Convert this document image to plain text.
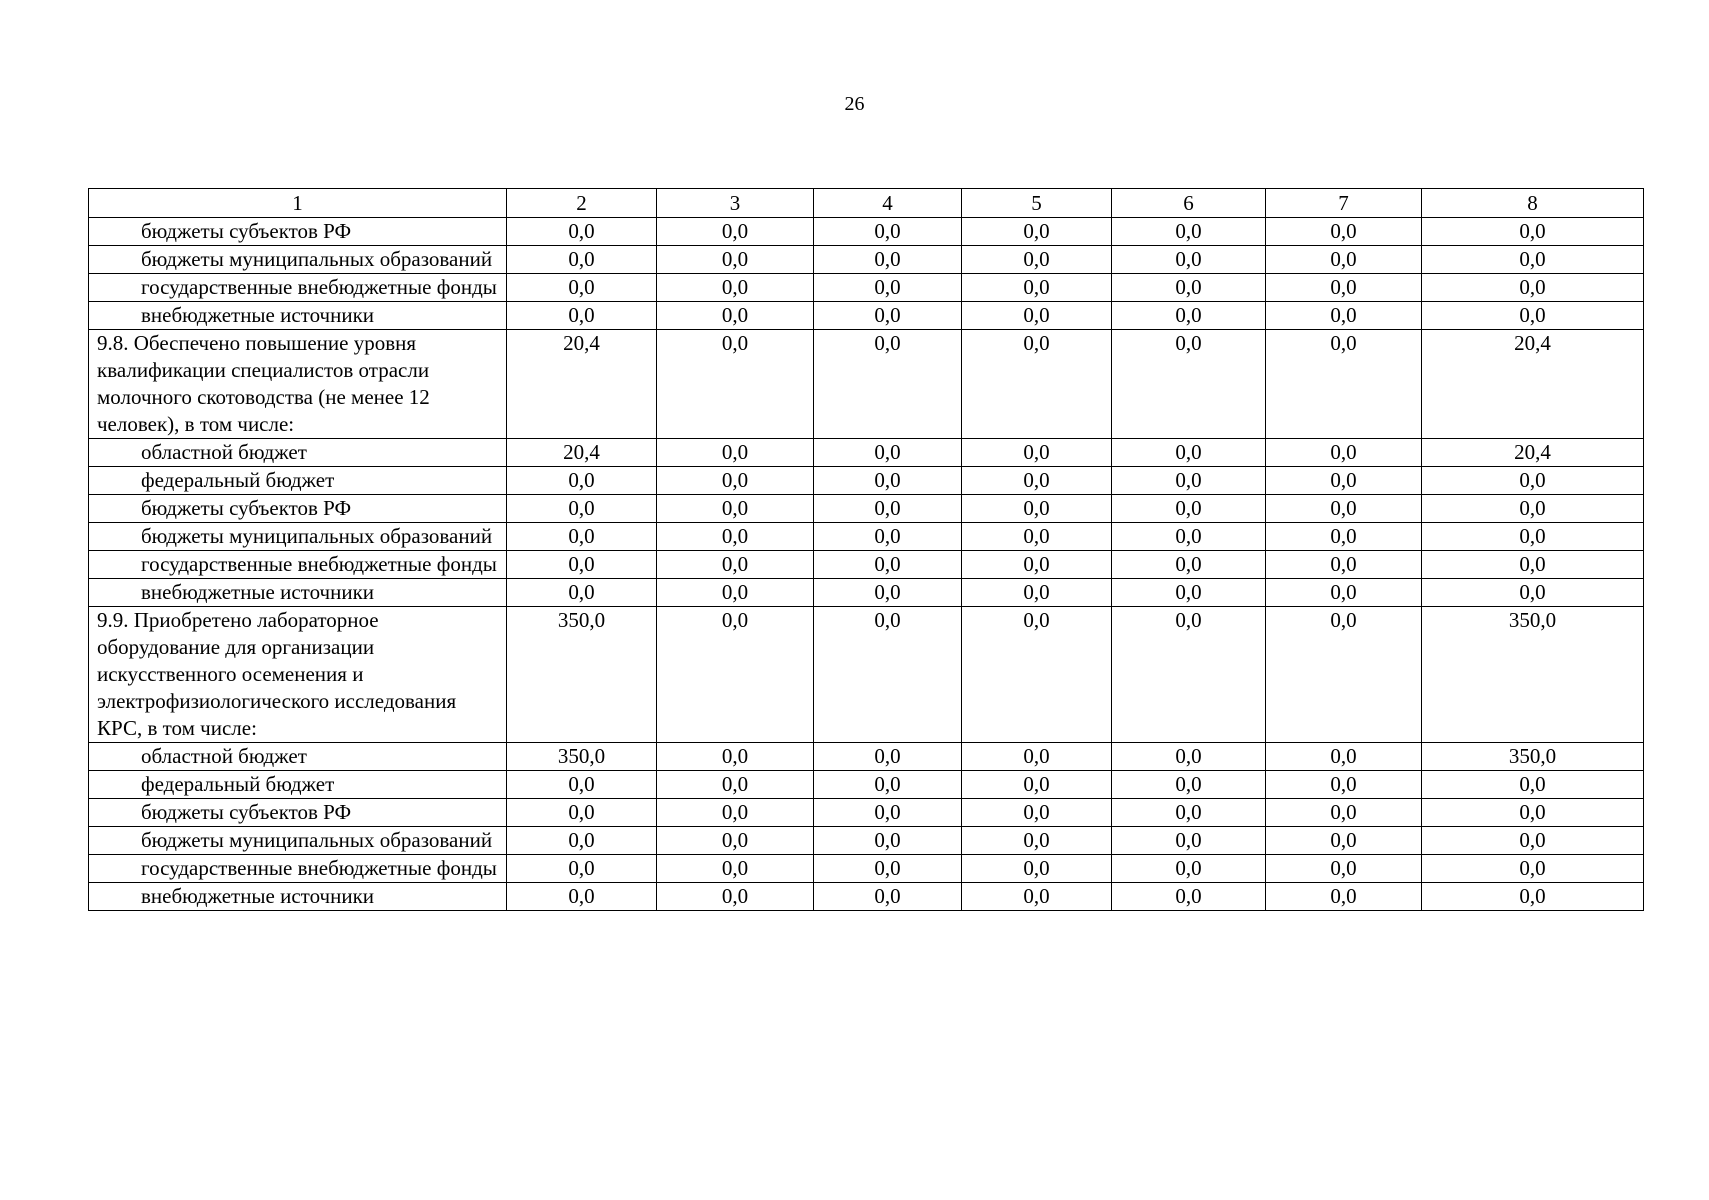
26
1	2	3	4	5	6	7	8
бюджеты субъектов РФ	0,0	0,0	0,0	0,0	0,0	0,0	0,0
бюджеты муниципальных образований	0,0	0,0	0,0	0,0	0,0	0,0	0,0
государственные внебюджетные фонды	0,0	0,0	0,0	0,0	0,0	0,0	0,0
внебюджетные источники	0,0	0,0	0,0	0,0	0,0	0,0	0,0
9.8. Обеспечено повышение уровня квалификации специалистов отрасли молочного скотоводства (не менее 12 человек), в том числе:	20,4	0,0	0,0	0,0	0,0	0,0	20,4
областной бюджет	20,4	0,0	0,0	0,0	0,0	0,0	20,4
федеральный бюджет	0,0	0,0	0,0	0,0	0,0	0,0	0,0
бюджеты субъектов РФ	0,0	0,0	0,0	0,0	0,0	0,0	0,0
бюджеты муниципальных образований	0,0	0,0	0,0	0,0	0,0	0,0	0,0
государственные внебюджетные фонды	0,0	0,0	0,0	0,0	0,0	0,0	0,0
внебюджетные источники	0,0	0,0	0,0	0,0	0,0	0,0	0,0
9.9. Приобретено лабораторное оборудование для организации искусственного осеменения и электрофизиологического исследования КРС, в том числе:	350,0	0,0	0,0	0,0	0,0	0,0	350,0
областной бюджет	350,0	0,0	0,0	0,0	0,0	0,0	350,0
федеральный бюджет	0,0	0,0	0,0	0,0	0,0	0,0	0,0
бюджеты субъектов РФ	0,0	0,0	0,0	0,0	0,0	0,0	0,0
бюджеты муниципальных образований	0,0	0,0	0,0	0,0	0,0	0,0	0,0
государственные внебюджетные фонды	0,0	0,0	0,0	0,0	0,0	0,0	0,0
внебюджетные источники	0,0	0,0	0,0	0,0	0,0	0,0	0,0
